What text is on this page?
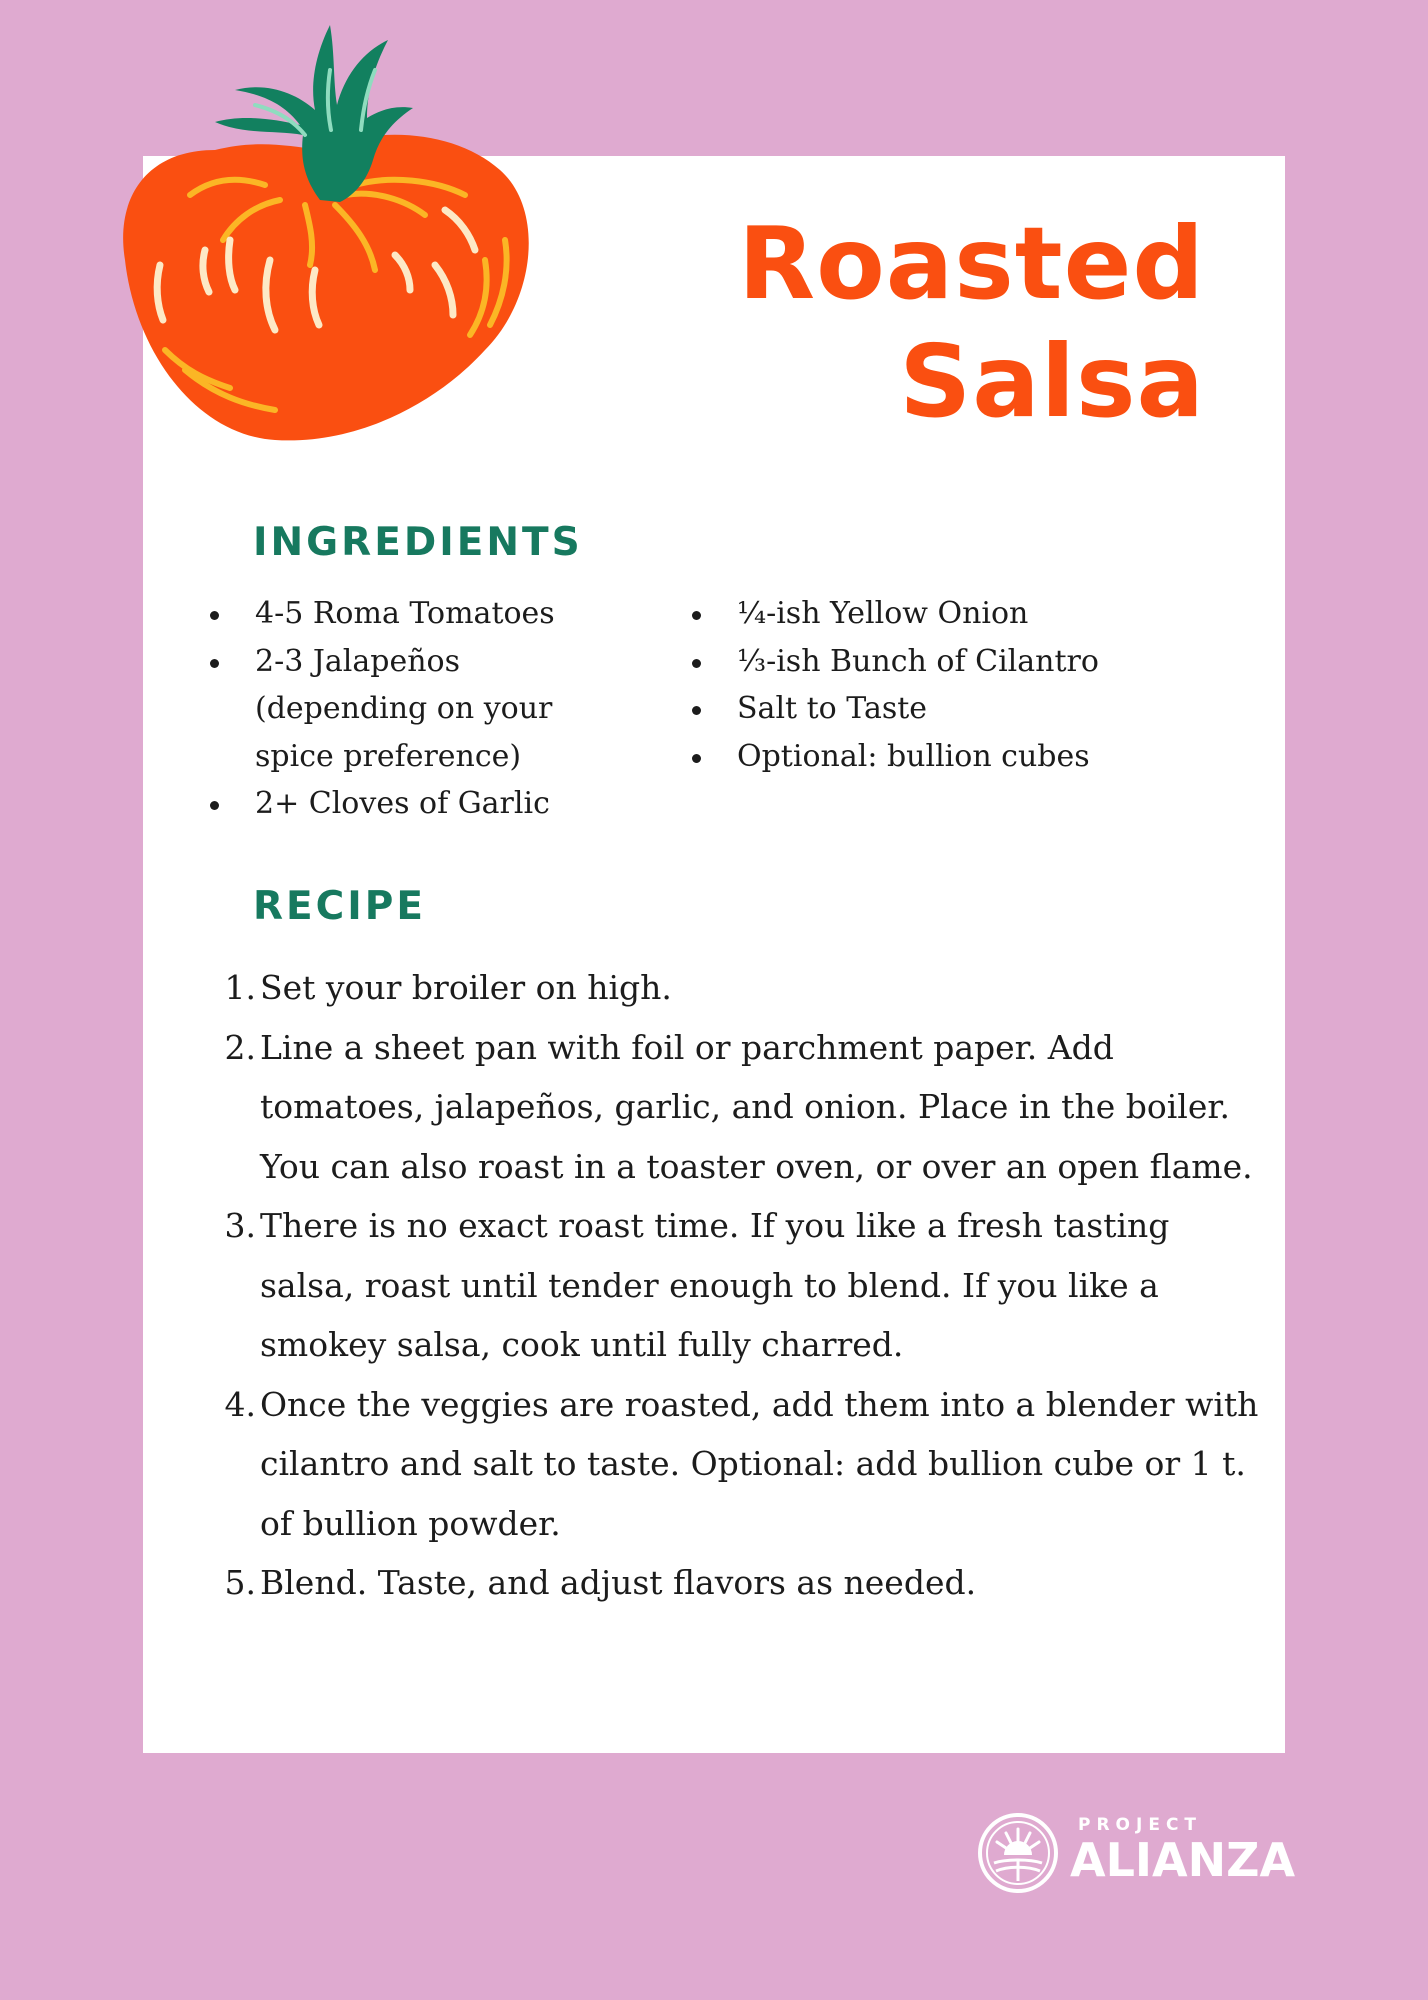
Roasted
Salsa
INGREDIENTS
4-5 Roma Tomatoes
2-3 Jalapeños (depending on your spice preference)
2+ Cloves of Garlic
¼-ish Yellow Onion
⅓-ish Bunch of Cilantro
Salt to Taste
Optional: bullion cubes
RECIPE
1. Set your broiler on high.
2. Line a sheet pan with foil or parchment paper. Add tomatoes, jalapeños, garlic, and onion. Place in the boiler. You can also roast in a toaster oven, or over an open flame.
3. There is no exact roast time. If you like a fresh tasting salsa, roast until tender enough to blend. If you like a smokey salsa, cook until fully charred.
4. Once the veggies are roasted, add them into a blender with cilantro and salt to taste. Optional: add bullion cube or 1 t. of bullion powder.
5. Blend. Taste, and adjust flavors as needed.
PROJECT
ALIANZA
